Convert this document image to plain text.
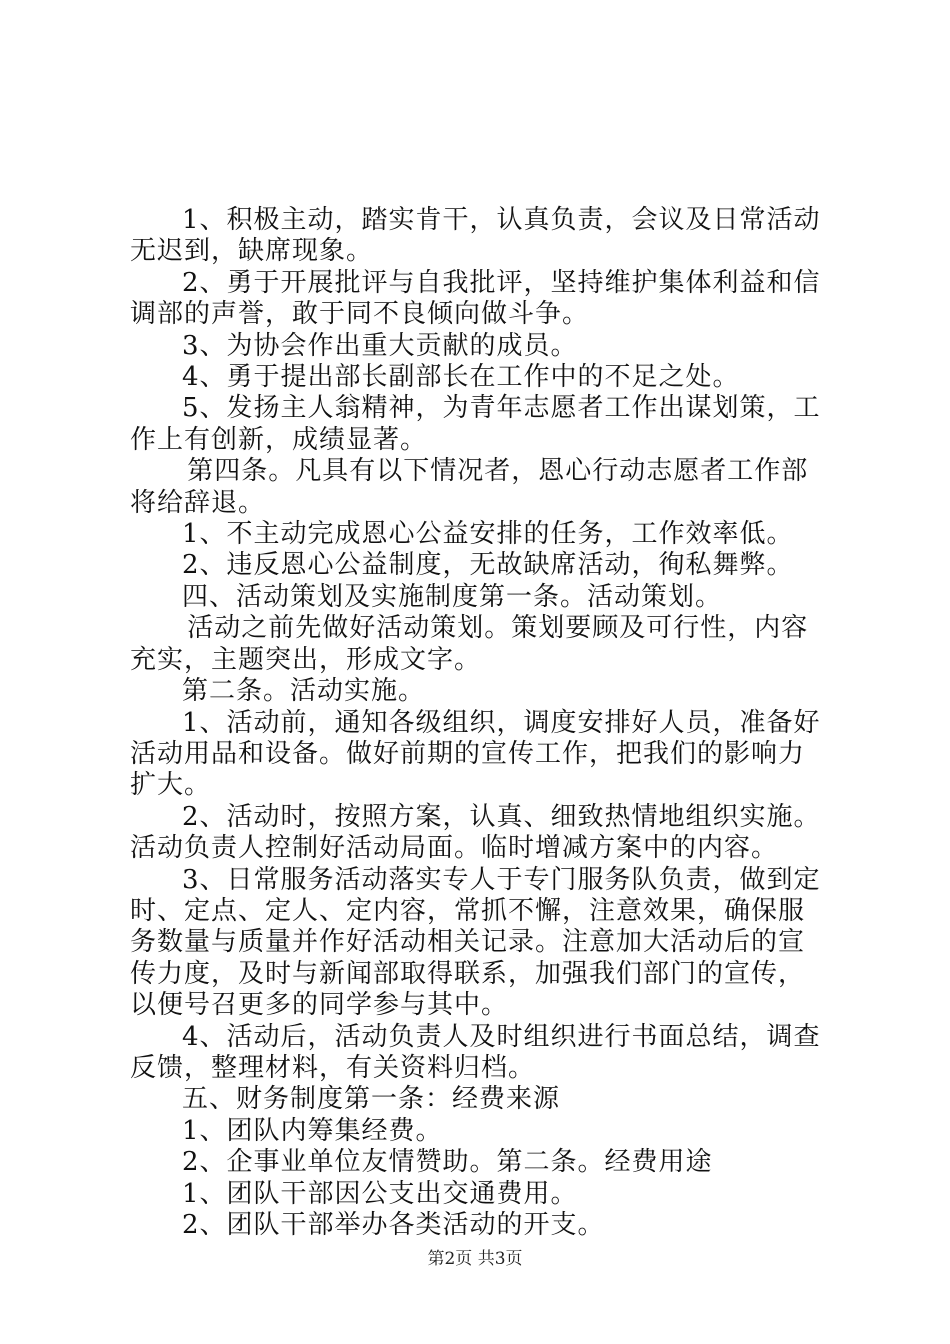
1、积极主动，踏实肯干，认真负责，会议及日常活动无迟到，缺席现象。

2、勇于开展批评与自我批评，坚持维护集体利益和信调部的声誉，敢于同不良倾向做斗争。

3、为协会作出重大贡献的成员。

4、勇于提出部长副部长在工作中的不足之处。

5、发扬主人翁精神，为青年志愿者工作出谋划策，工作上有创新，成绩显著。

第四条。凡具有以下情况者，恩心行动志愿者工作部将给辞退。

1、不主动完成恩心公益安排的任务，工作效率低。

2、违反恩心公益制度，无故缺席活动，徇私舞弊。

四、活动策划及实施制度第一条。活动策划。

活动之前先做好活动策划。策划要顾及可行性，内容充实，主题突出，形成文字。

第二条。活动实施。

1、活动前，通知各级组织，调度安排好人员，准备好活动用品和设备。做好前期的宣传工作，把我们的影响力扩大。

2、活动时，按照方案，认真、细致热情地组织实施。活动负责人控制好活动局面。临时增减方案中的内容。

3、日常服务活动落实专人于专门服务队负责，做到定时、定点、定人、定内容，常抓不懈，注意效果，确保服务数量与质量并作好活动相关记录。注意加大活动后的宣传力度，及时与新闻部取得联系，加强我们部门的宣传，以便号召更多的同学参与其中。

4、活动后，活动负责人及时组织进行书面总结，调查反馈，整理材料，有关资料归档。

五、财务制度第一条：经费来源

1、团队内筹集经费。

2、企事业单位友情赞助。第二条。经费用途

1、团队干部因公支出交通费用。

2、团队干部举办各类活动的开支。

第2页 共3页
